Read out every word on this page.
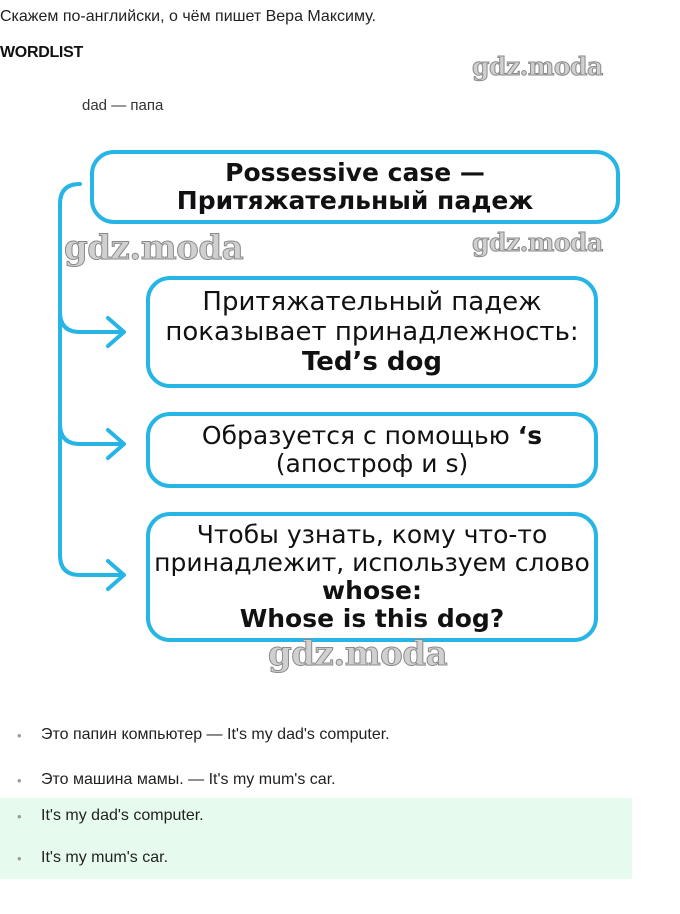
Скажем по-английски, о чём пишет Вера Максиму.
WORDLIST
dad — папа
Possessive case — Притяжательный падеж
Притяжательный падеж показывает принадлежность:
Ted’s dog
Образуется с помощью ‘s
(апостроф и s)
Чтобы узнать, кому что-то принадлежит, используем слово whose:
Whose is this dog?
gdz.moda
gdz.moda	gdz.moda
gdz.moda
• Это папин компьютер — It's my dad's computer.
• Это машина мамы. — It's my mum's car.
• It's my dad's computer.
• It's my mum's car.
